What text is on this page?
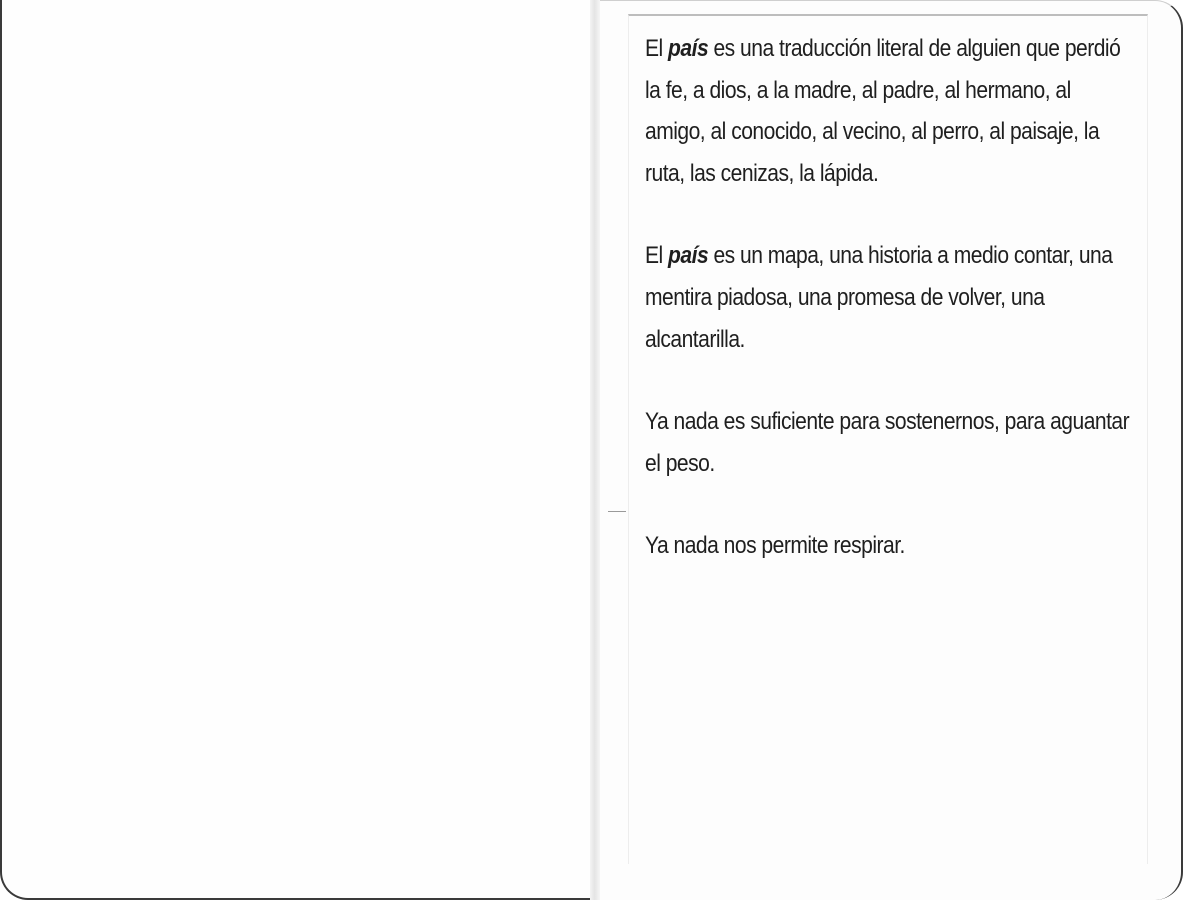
El país es una traducción literal de alguien que perdió la fe, a dios, a la madre, al padre, al hermano, al amigo, al conocido, al vecino, al perro, al paisaje, la ruta, las cenizas, la lápida.

El país es un mapa, una historia a medio contar, una mentira piadosa, una promesa de volver, una alcantarilla.

Ya nada es suficiente para sostenernos, para aguantar el peso.

Ya nada nos permite respirar.
